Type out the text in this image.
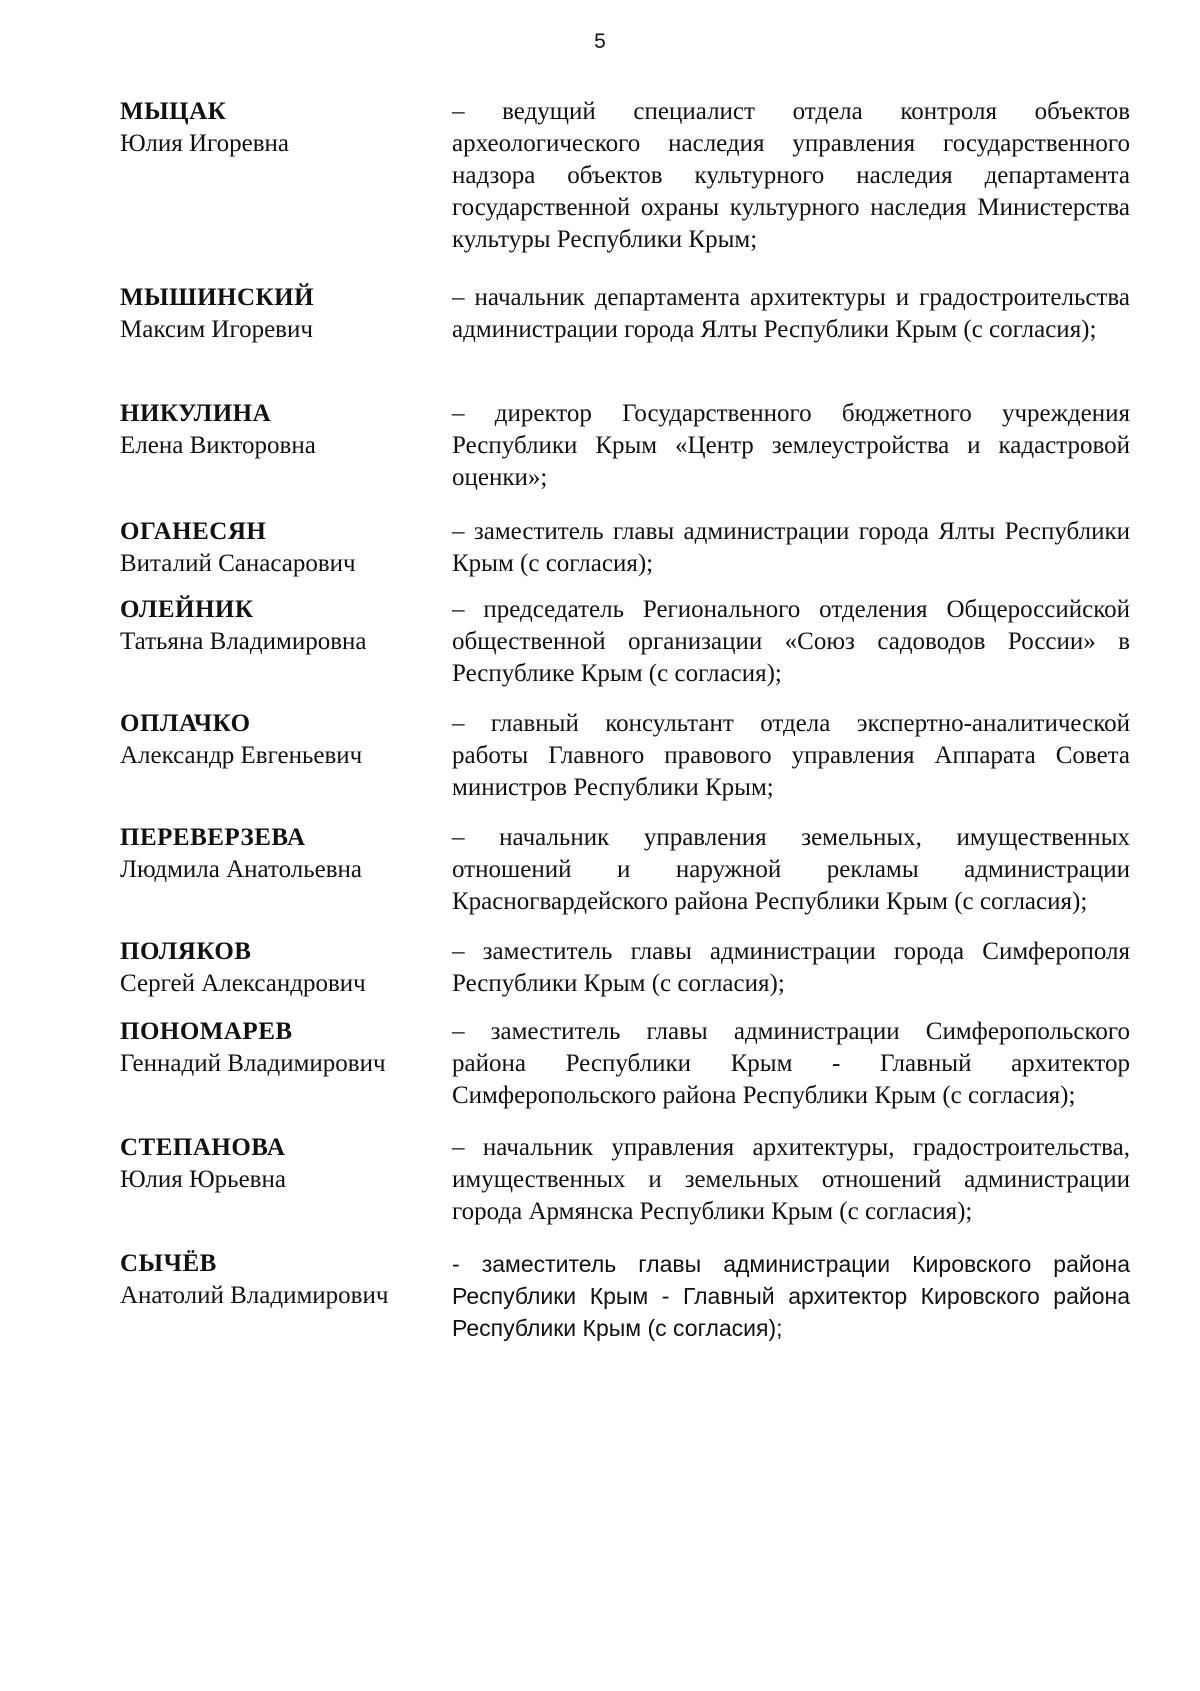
5
МЫЦАК
Юлия Игоревна
– ведущий специалист отдела контроля объектов археологического наследия управления государственного надзора объектов культурного наследия департамента государственной охраны культурного наследия Министерства культуры Республики Крым;
МЫШИНСКИЙ
Максим Игоревич
– начальник департамента архитектуры и градостроительства администрации города Ялты Республики Крым (с согласия);
НИКУЛИНА
Елена Викторовна
– директор Государственного бюджетного учреждения Республики Крым «Центр землеустройства и кадастровой оценки»;
ОГАНЕСЯН
Виталий Санасарович
– заместитель главы администрации города Ялты Республики Крым (с согласия);
ОЛЕЙНИК
Татьяна Владимировна
– председатель Регионального отделения Общероссийской общественной организации «Союз садоводов России» в Республике Крым (с согласия);
ОПЛАЧКО
Александр Евгеньевич
– главный консультант отдела экспертно-аналитической работы Главного правового управления Аппарата Совета министров Республики Крым;
ПЕРЕВЕРЗЕВА
Людмила Анатольевна
– начальник управления земельных, имущественных отношений и наружной рекламы администрации Красногвардейского района Республики Крым (с согласия);
ПОЛЯКОВ
Сергей Александрович
– заместитель главы администрации города Симферополя Республики Крым (с согласия);
ПОНОМАРЕВ
Геннадий Владимирович
– заместитель главы администрации Симферопольского района Республики Крым - Главный архитектор Симферопольского района Республики Крым (с согласия);
СТЕПАНОВА
Юлия Юрьевна
– начальник управления архитектуры, градостроительства, имущественных и земельных отношений администрации города Армянска Республики Крым (с согласия);
СЫЧЁВ
Анатолий Владимирович
- заместитель главы администрации Кировского района Республики Крым - Главный архитектор Кировского района Республики Крым (с согласия);
